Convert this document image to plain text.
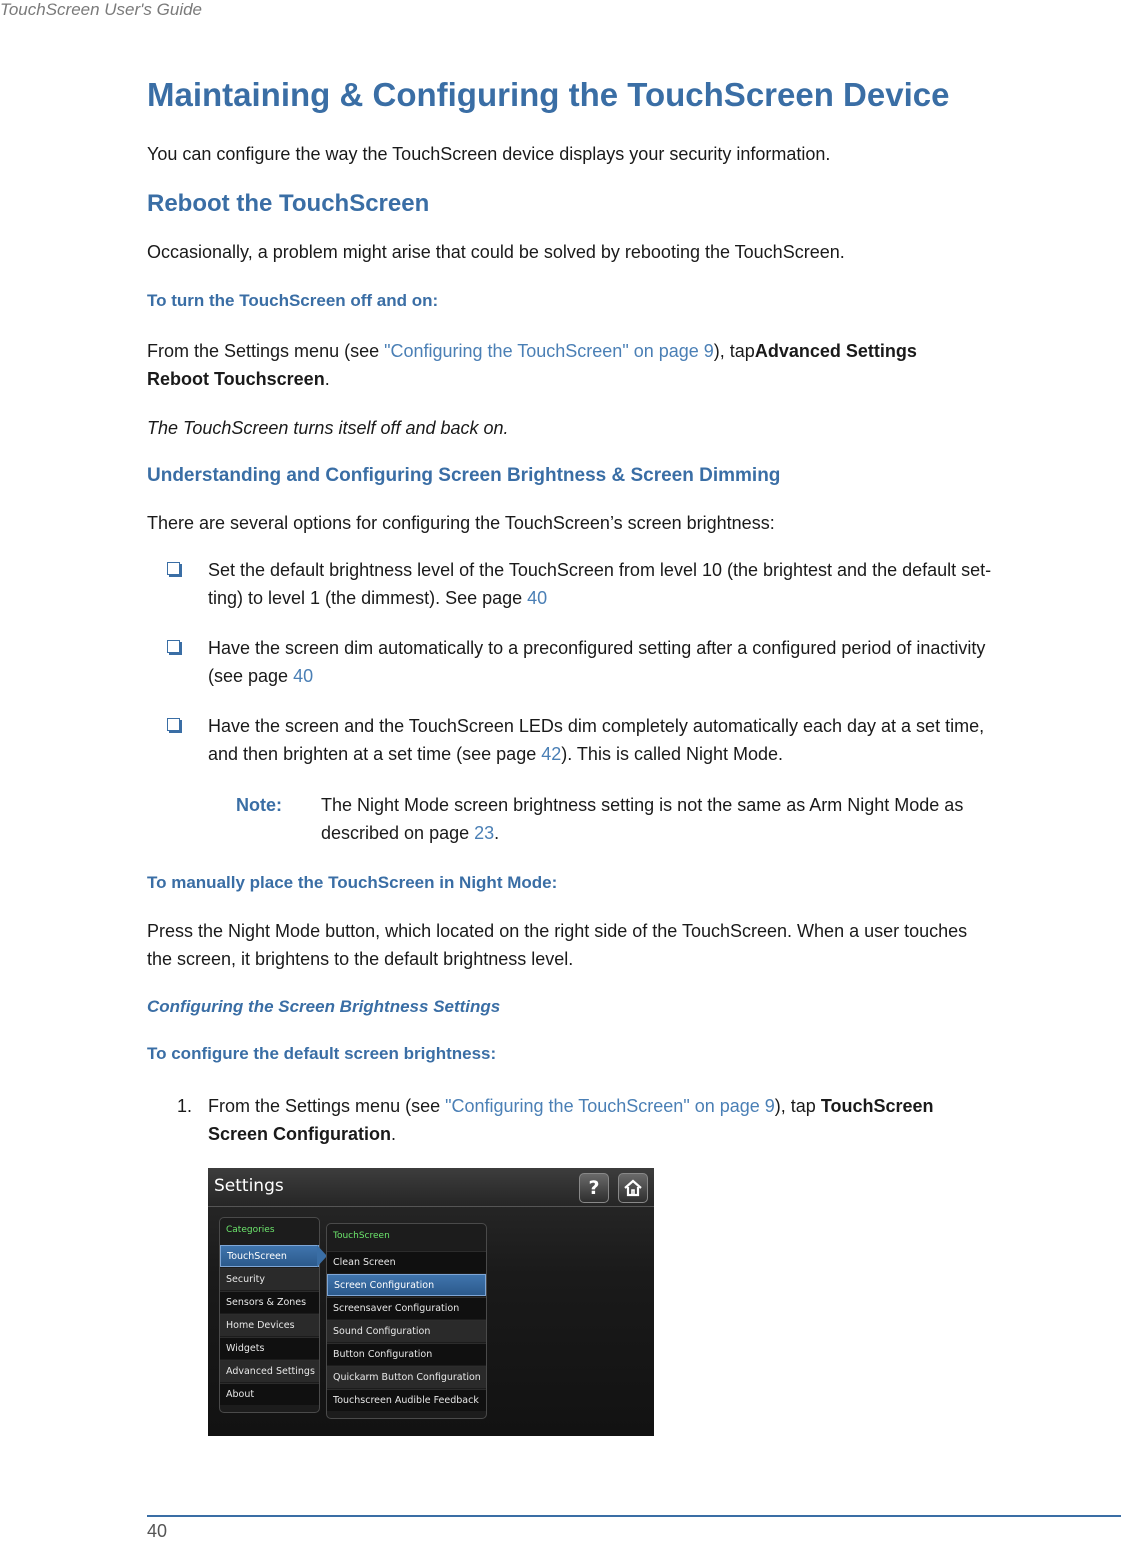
TouchScreen User's Guide
Maintaining & Configuring the TouchScreen Device
You can configure the way the TouchScreen device displays your security information.
Reboot the TouchScreen
Occasionally, a problem might arise that could be solved by rebooting the TouchScreen.
To turn the TouchScreen off and on:
From the Settings menu (see "Configuring the TouchScreen" on page 9), tapAdvanced Settings
Reboot Touchscreen.
The TouchScreen turns itself off and back on.
Understanding and Configuring Screen Brightness & Screen Dimming
There are several options for configuring the TouchScreen’s screen brightness:
Set the default brightness level of the TouchScreen from level 10 (the brightest and the default set-
ting) to level 1 (the dimmest). See page 40
Have the screen dim automatically to a preconfigured setting after a configured period of inactivity
(see page 40
Have the screen and the TouchScreen LEDs dim completely automatically each day at a set time,
and then brighten at a set time (see page 42). This is called Night Mode.
Note: The Night Mode screen brightness setting is not the same as Arm Night Mode as
described on page 23.
To manually place the TouchScreen in Night Mode:
Press the Night Mode button, which located on the right side of the TouchScreen. When a user touches
the screen, it brightens to the default brightness level.
Configuring the Screen Brightness Settings
To configure the default screen brightness:
1. From the Settings menu (see "Configuring the TouchScreen" on page 9), tap TouchScreen
Screen Configuration.
Settings	?
Categories
TouchScreen
Security
Sensors & Zones
Home Devices
Widgets
Advanced Settings
About
TouchScreen
Clean Screen
Screen Configuration
Screensaver Configuration
Sound Configuration
Button Configuration
Quickarm Button Configuration
Touchscreen Audible Feedback
40
